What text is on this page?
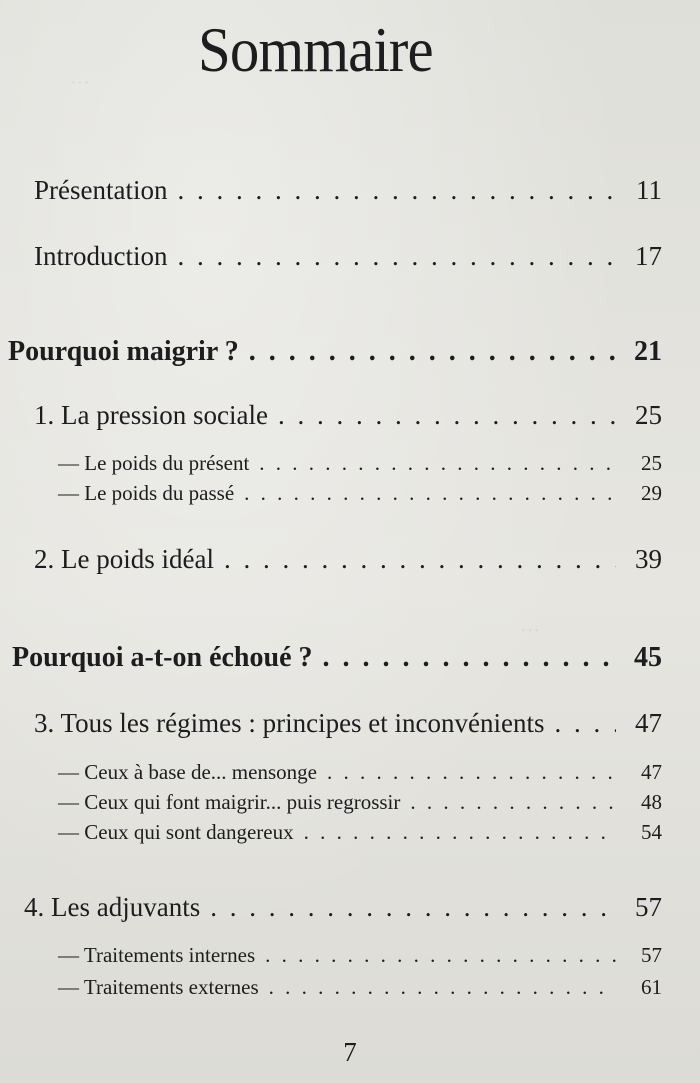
···
···
Sommaire
Présentation . . .	11
Introduction . . .	17
Pourquoi maigrir ? . . .	21
1. La pression sociale . . .	25
— Le poids du présent . . .	25
— Le poids du passé . . .	29
2. Le poids idéal . . .	39
Pourquoi a-t-on échoué ? . . .	45
3. Tous les régimes : principes et inconvénients . . .	47
— Ceux à base de... mensonge . . .	47
— Ceux qui font maigrir... puis regrossir . . .	48
— Ceux qui sont dangereux . . .	54
4. Les adjuvants . . .	57
— Traitements internes . . .	57
— Traitements externes . . .	61
7
